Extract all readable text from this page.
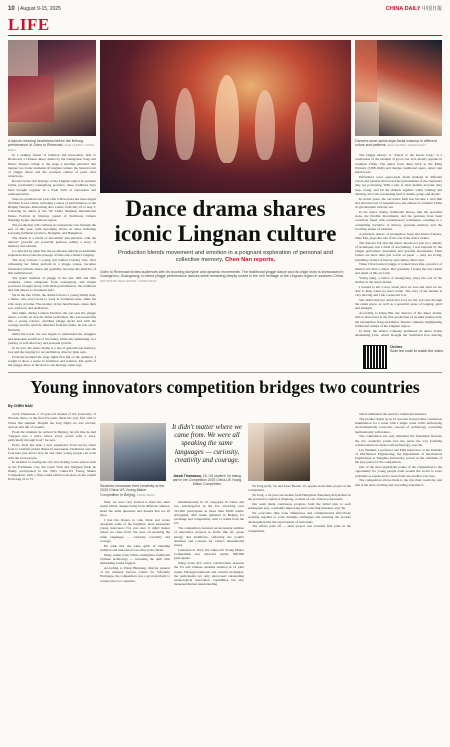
10 | August 9-15, 2025	CHINA DAILY 中国日报
LIFE
A dancer wearing headdress before the lifelong performance of Oden to Riverroad. ZHAI HUIXIN / CHINA DAILY
Dancers wear opera-style facial makeup in different colors and patterns. ZHAI HUIXIN / CHINA DAILY

In a striking fusion of tradition and innovation, Ode to Riverroad, a Chinese dance drama by the Guangzhou Song and Dance Theatre, brings to the stage a heartfelt narrative that merges two iconic elements of Lingnan culture: the historical art of yingge dance and the southern culture of pearl river waterways.

Rooted in the rich heritage of the Lingnan region in southern China, particularly Guangdong province, these traditions have been brought together in a fresh form of expression and reinterpretation.

Since its premiere last year, Ode to Riverroad has been staged 30 times across China, including a series of performances at the Beijing Tianqiao Performing Arts Center from July 25 to Aug 3, following its debut at the 7th China Xinjiang International Dance Festival in Urumqi, capital of Northwest China's Xinjiang Uygur autonomous region.

The production will continue its nationwide tour through the end of this year, with upcoming shows in cities including Luoyang in Henan province, Shanghai, and Hangzhou.

The drama is a blend of movement and emotion, with the dancers' graceful yet powerful gestures telling a story of memory and reunion.

Co-directed by Qian Xin, the production unfolds in dreamlike sequences that evoke the passage of time and a father's longing.

The story follows a young girl named Cuiying who, after witnessing her father perform in a yingge troupe, becomes fascinated with the dance and gradually becomes the inheritor of this traditional art.

The grand tradition of yingge in the late 16th and 20th centuries, when emigrants from Guangdong and Fujian provinces brought along with them performances, the traditions and folk dances to Southeast Asia.

Set in the late 1950s, the drama follows a young family man, a father, who was forced to work in Southeast Asia, while his wife stays at home. The mother, in her heartbroken, raises their son, with love and dedication.

One night, during Lantern Festival, the son sees the yingge dance, a noble art that his father performed. The son transforms into a young warrior, wielding yingge sticks and with the courage and the spirit he inherited from his father, he sets out to find him.

Amid the travel, the son begins to understand the struggles and unspoken sacrifices of his father, while also embarking on a journey of self-discovery and personal growth.

In its core, the dance drama is a tale of generational memory, loss and the longing for reconciliation, director Qian says.

From the moment the stage lights first fell on the audience, I sought to show a sense of resilience and reunion. The spirit of the yingge dance is devoted to one heritage, Qian says.

Dance drama shares
iconic Lingnan culture
Production blends movement and emotion in a poignant exploration of personal and collective memory, Chen Nan reports.
Oden to Riverroad invites audiences with its touching storyline and dynamic movements. The traditional yingge dance and its origin story is showcased in Guangzhou, Guangdong, to blend yingge performance dances while remaining deeply rooted in the rich heritage of the Lingnan region in southern China. PHOTOS BY ZHAI HUIXIN / CHINA DAILY

The yingge dancer, or "dancer to the heroic song," is a celebration of the triumph of good over evil, mostly popular in southern China. The dance form dates back to the Ming Dynasty (1368-1644) and merges traditional opera, dance and martial arts.

Performers wear opera-style facial makeup in different colors and patterns that reveal the personalities of the characters they are portraying. With a pair of short mallets in hand, they leap, swing, and hit the mallets together while walking and dancing, all to the resounding beat of drums, gongs and shouts.

In recent years, the old dance form has become a vital link and attracted lots of inspiration to the culture of southern China in synchronism with the sea.

In the dance drama, traditional moves, like the powerful steps, the flexible movements, and the gestures, have been creatively fused with contemporary techniques, resulting in a compelling narrative of history, personal memory and the evolving nature of tradition.

A principal dancer of Guangzhou Song and Dance Theatre, Zhao Fan, plays the role of the son in the dance drama.

The dancers felt that the dance should not just be a display of techniques, but a form of storytelling. I was inspired by the yingge performers' masculine and graceful movements. Their bodies are more than just words on paper — they are living, breathing carriers of history and culture, Zhao says.

When I first learned yingge, it looked more like a practice of martial arts than a dance. But gradually I found the true charm and depth of this art form.

Young Qing, a native of Guangdong, plays the role of the mother in the dance drama.

I wanted to tell a story about what we lose and what we are able to keep when we leave home. The story of the mother is very moving and I felt connected to it.

She added that her character's love for her son runs through the entire piece, as well as a powerful sense of longing, grief and strength.

According to Wang Bin, the director of the dance drama, Ode to Riverroad is the first production of its kind produced by the Guangzhou Song and Dance Theatre company, highlighting traditional culture of the Lingnan region.

In 2024, the theater company premiered its dance drama Awakening Lion, which brought the traditional lion dancing

Online
Scan the code to watch the video.
Young innovators competition bridges two countries
By CHEN NAN

Jacob Thomason, a 15-year-old student of the University of Nevada, Reno, is the first US team, made his very first visit to China this summer. Despite the long flight, he was excited, curious and full of wonder.

From the moment he arrived in Beijing, he felt like he had "stepped into a place where every corner tells a story, particularly through food", he says.

Every meal has been a new experience from savory street food to carefully plated dishes in restaurants. Thomason says the food here just shows how he and other young people can work with the local people.

In addition to touring the city and visiting iconic places such as the Forbidden City, the Great Wall and Jiangnan Park, he finally participated in the 2025 China-US Young Maker Competition, with a final round which took place in the capital from Aug 10 to 15.

Students showcase their creativity at the 2025 China-US Young Maker Competition in Beijing. CHINA DAILY
It didn't matter where we came from. We were all speaking the same languages — curiosity, creativity and courage.
Jacob Thomason, 15, US student, on taking part in the Competition 2025 China-US Young Maker Competition

final, we were very excited to meet the other teams which, despite being from different cultures, share the same questions and dreams that we all have.

I had the chance to talk, think and create alongside some of the brightest, most passionate young innovators I've ever met. It didn't matter where we came from. We were all speaking the same languages — curiosity, creativity and courage.

He adds that the same spirit of blending tradition and innovation was alive in the finals.

Many teams from China reimagined traditional Chinese technology — inventing the quill with embedding sound triggers.

According to Wang Huiqiang, director general of the Chinese Service Center for Scholarly Exchange, the competition was a good platform to connect the two countries.

simultaneously in 10 categories in China and two subcategories in the US, attracting over 321,000 participants in more than 8,000 teams. Altogether, 600 teams gathered in Beijing for exchange and competition, with 11 teams from the US.

The competition featured an increasing number of innovative projects in fields like AI, green energy and healthcare, reflecting the youth's attention and concern for today's international issues.

Launched in 2013, the China-US Young Maker Competition has attracted nearly 900,000 participants.

Wang notes that active collaboration between the US and Chinese students resulted in 14 joint teams. Through teamwork and creative exchanges, the participants not only showcased outstanding technological innovation capabilities but also deepened mutual understanding.

Yu Tong (left), 19, and Jesse Beaule, 25, speaks about their project at the competition.

Yu Tong, a 19-year-old student from Hangzhou Wenxiang Polytechnic in the provincial capital of Zhejiang, worked on one of these joint teams.

Our team made continuous progress from the initial idea to each subsequent step, constantly improving and correcting mistakes, says Yu.

We overcame time zone differences and communicated effectively, working together to solve multiple challenges and ensuring the product development met the expectations of both sides.

The efforts paid off — their project was awarded first prize in the competition.

which eliminates the need for traditional batteries.

The product lights up in 10 seconds and provides continuous illumination for a week with a single water refill, embodying environmentally conscious concept of technology coexisting harmoniously with nature.

The competition not only embodies the friendship between the two countries' youth, but also paves the way fostering collaborations in science and technology, says Yu.

Lin Yuanhui, a professor and PhD supervisor at the Institute of Mechanical Engineering, the Department of Mechanical Engineering at Tsinghua University, served as the chairman of the jury panel for the competition.

One of the most significant points of the competition is the opportunity for young people from around the world to solve problems as equals and to learn from one another, Lin says.

The competition allows them to tap into their creativity, and that is the most exciting and rewarding experience.
